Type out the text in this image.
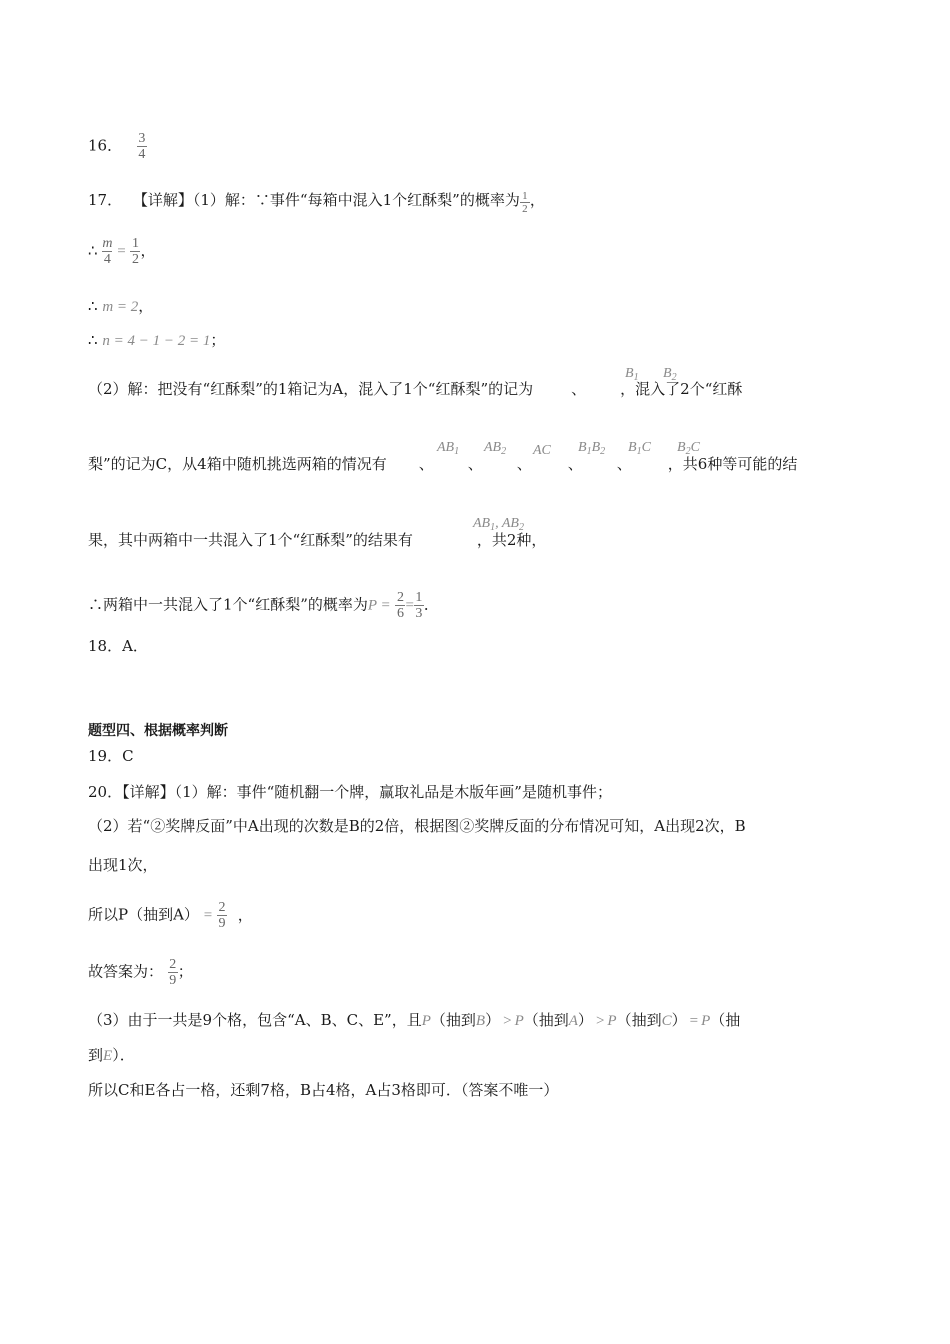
16． $\frac{3}{4}$
17． 【详解】（1）解：∵事件“每箱中混入1个红酥梨”的概率为 $\frac{1}{2}$ ，
∴ $\frac{m}{4} = \frac{1}{2}$ ，
∴ m = 2，
∴ n = 4 − 1 − 2 = 1；
（2）解：把没有“红酥梨”的1箱记为A，混入了1个“红酥梨”的记为	、 ，混入了2个“红酥
$B_1$ $B_2$
梨”的记为C，从4箱中随机挑选两箱的情况有 、 、 、 、 、 ，共6种等可能的结
$AB_1$ $AB_2$ AC $B_1B_2$ $B_1C$ $B_2C$
果，其中两箱中一共混入了1个“红酥梨”的结果有	，共2种，
$AB_1$, $AB_2$
∴两箱中一共混入了1个“红酥梨”的概率为$P = \frac{2}{6} = \frac{1}{3}$ ．
18．A．
题型四、根据概率判断
19．C
20．【详解】（1）解：事件“随机翻一个牌，赢取礼品是木版年画”是随机事件；
（2）若“②奖牌反面”中A出现的次数是B的2倍，根据图②奖牌反面的分布情况可知，A出现2次，B
出现1次，
所以P（抽到$A) = \frac{2}{9}$ ，
故答案为： $\frac{2}{9}$ ；
（3）由于一共是9个格，包含“A、B、C、E”，且P（抽到B） > P（抽到A） > P（抽到C） = P（抽
到E）．
所以C和E各占一格，还剩7格，B占4格，A占3格即可．（答案不唯一）
